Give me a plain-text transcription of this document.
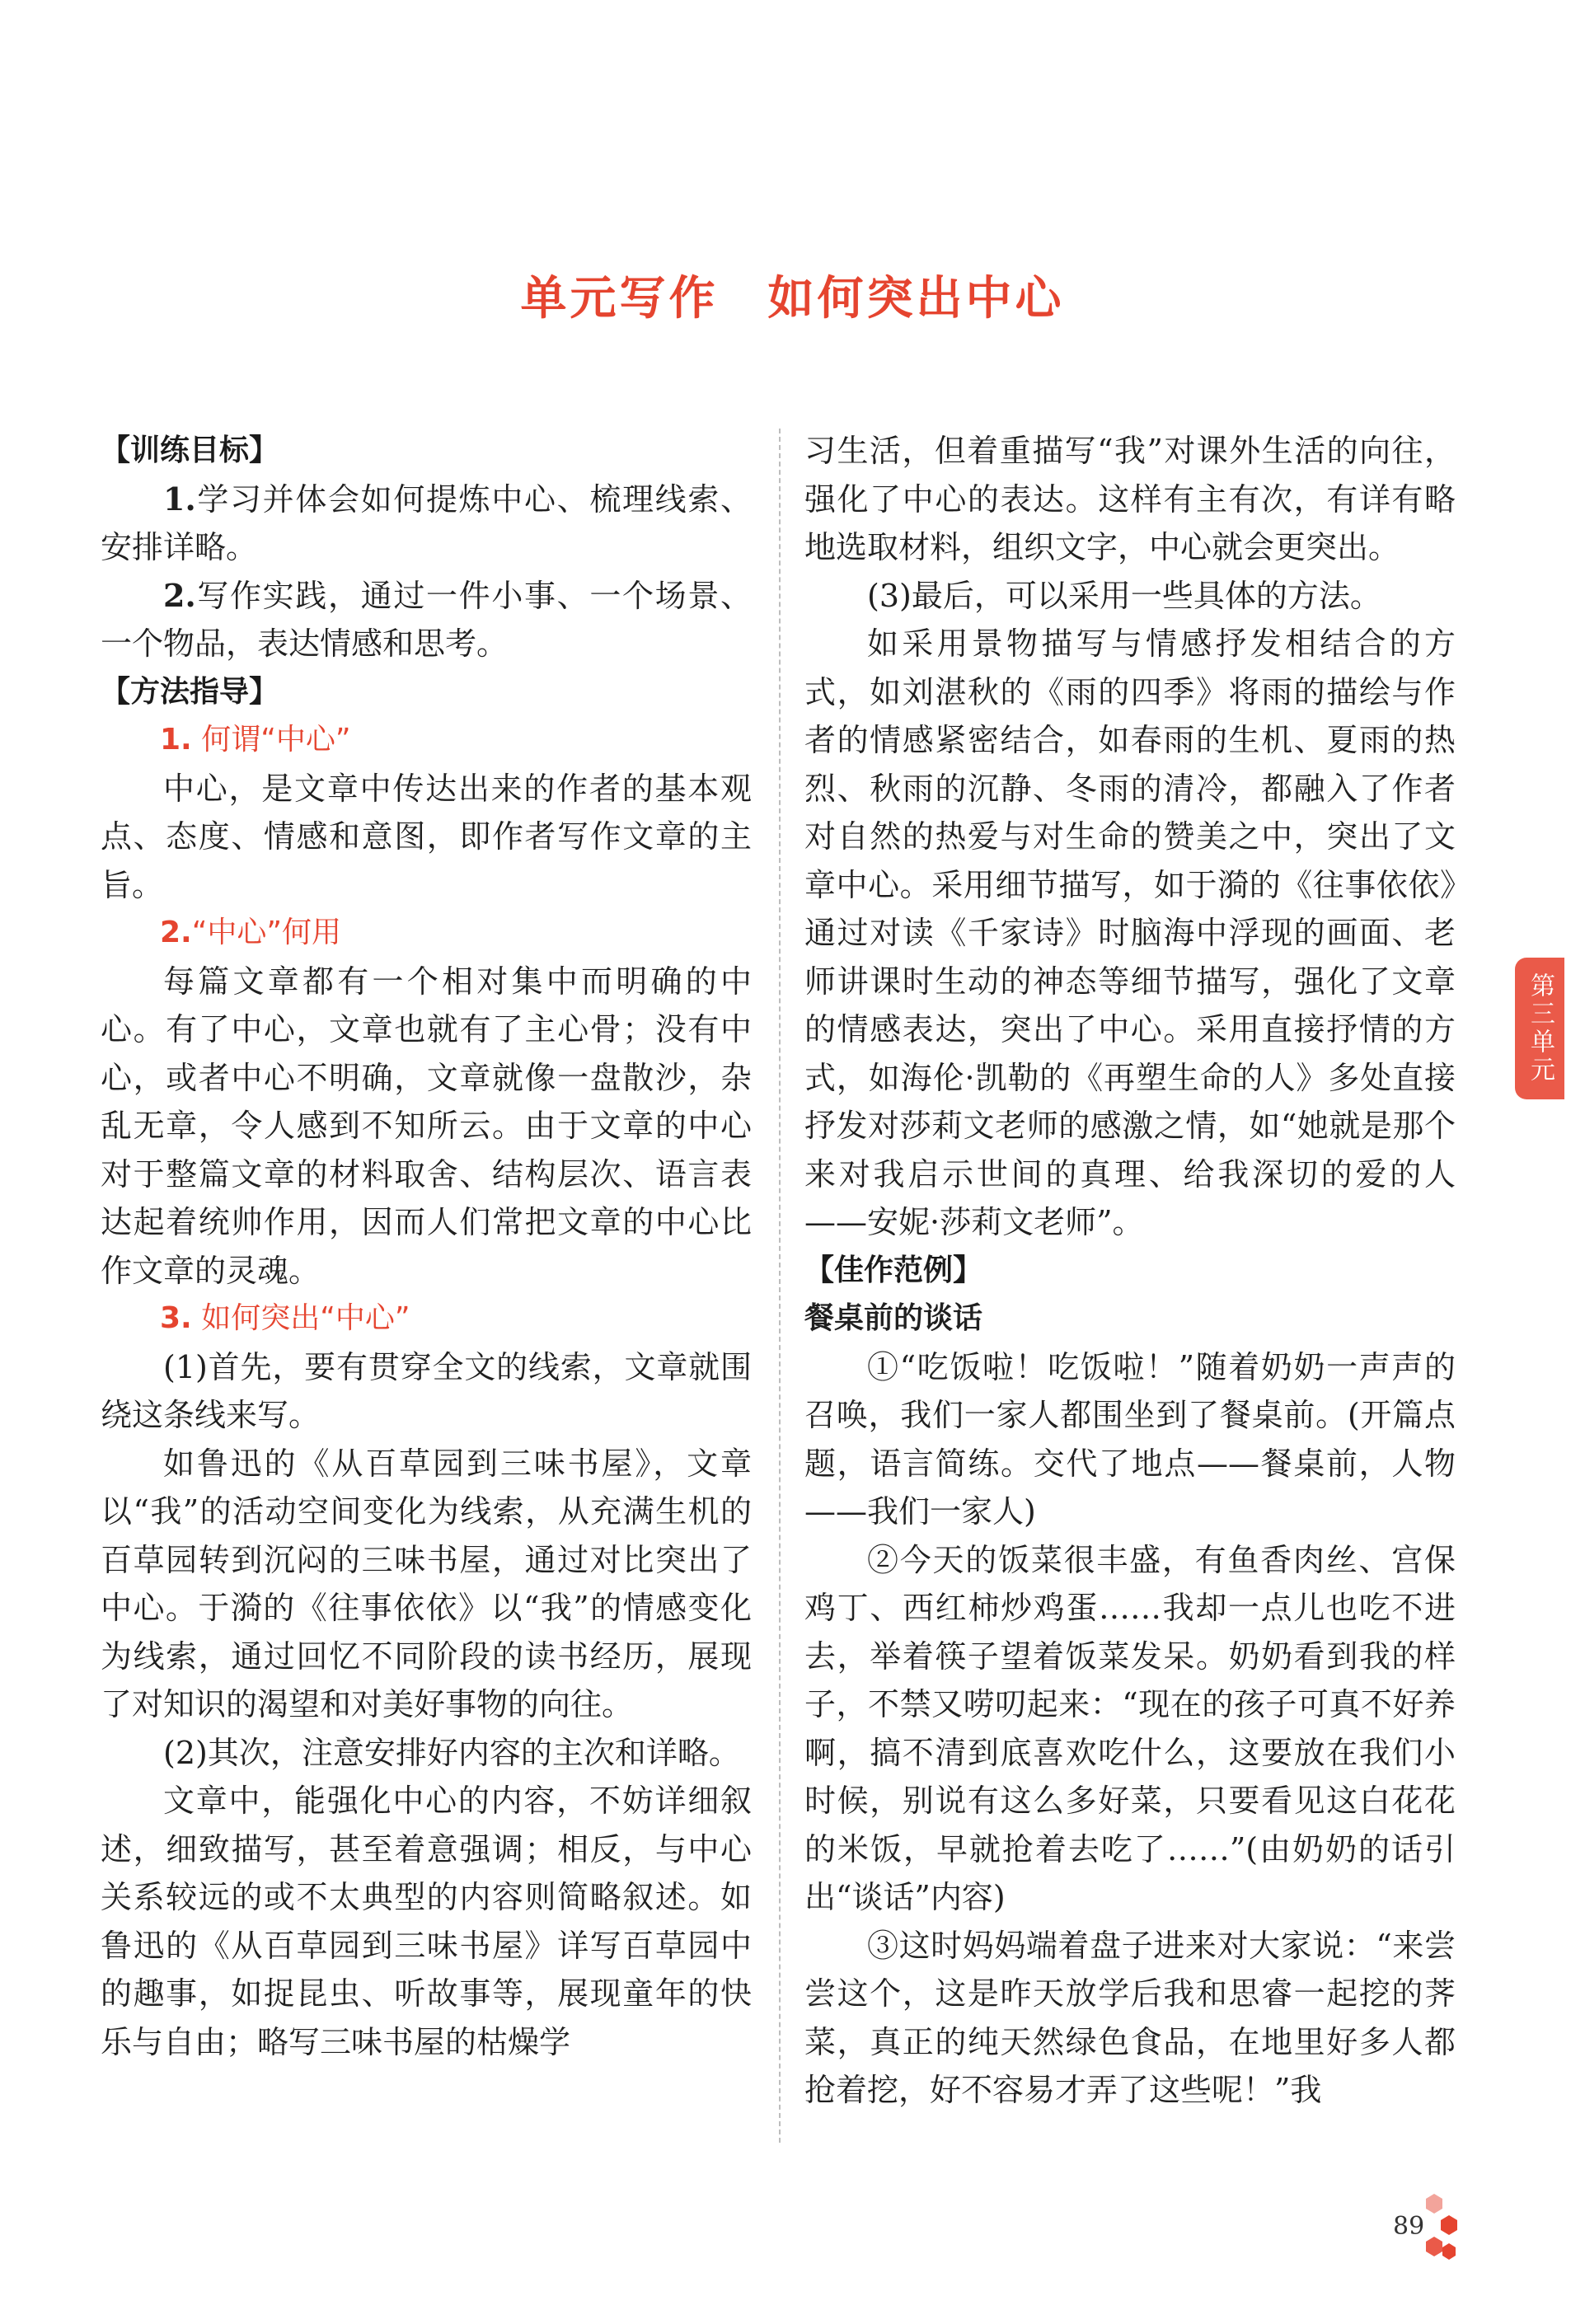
单元写作 如何突出中心

【训练目标】

1.学习并体会如何提炼中心、梳理线索、安排详略。

2.写作实践，通过一件小事、一个场景、一个物品，表达情感和思考。

【方法指导】

1. 何谓“中心”

中心，是文章中传达出来的作者的基本观点、态度、情感和意图，即作者写作文章的主旨。

2.“中心”何用

每篇文章都有一个相对集中而明确的中心。有了中心，文章也就有了主心骨；没有中心，或者中心不明确，文章就像一盘散沙，杂乱无章，令人感到不知所云。由于文章的中心对于整篇文章的材料取舍、结构层次、语言表达起着统帅作用，因而人们常把文章的中心比作文章的灵魂。

3. 如何突出“中心”

(1)首先，要有贯穿全文的线索，文章就围绕这条线来写。

如鲁迅的《从百草园到三味书屋》，文章以“我”的活动空间变化为线索，从充满生机的百草园转到沉闷的三味书屋，通过对比突出了中心。于漪的《往事依依》以“我”的情感变化为线索，通过回忆不同阶段的读书经历，展现了对知识的渴望和对美好事物的向往。

(2)其次，注意安排好内容的主次和详略。

文章中，能强化中心的内容，不妨详细叙述，细致描写，甚至着意强调；相反，与中心关系较远的或不太典型的内容则简略叙述。如鲁迅的《从百草园到三味书屋》详写百草园中的趣事，如捉昆虫、听故事等，展现童年的快乐与自由；略写三味书屋的枯燥学

习生活，但着重描写“我”对课外生活的向往，强化了中心的表达。这样有主有次，有详有略地选取材料，组织文字，中心就会更突出。

(3)最后，可以采用一些具体的方法。

如采用景物描写与情感抒发相结合的方式，如刘湛秋的《雨的四季》将雨的描绘与作者的情感紧密结合，如春雨的生机、夏雨的热烈、秋雨的沉静、冬雨的清冷，都融入了作者对自然的热爱与对生命的赞美之中，突出了文章中心。采用细节描写，如于漪的《往事依依》通过对读《千家诗》时脑海中浮现的画面、老师讲课时生动的神态等细节描写，强化了文章的情感表达，突出了中心。采用直接抒情的方式，如海伦·凯勒的《再塑生命的人》多处直接抒发对莎莉文老师的感激之情，如“她就是那个来对我启示世间的真理、给我深切的爱的人——安妮·莎莉文老师”。

【佳作范例】

餐桌前的谈话

①“吃饭啦！吃饭啦！”随着奶奶一声声的召唤，我们一家人都围坐到了餐桌前。(开篇点题，语言简练。交代了地点——餐桌前，人物——我们一家人)

②今天的饭菜很丰盛，有鱼香肉丝、宫保鸡丁、西红柿炒鸡蛋……我却一点儿也吃不进去，举着筷子望着饭菜发呆。奶奶看到我的样子，不禁又唠叨起来：“现在的孩子可真不好养啊，搞不清到底喜欢吃什么，这要放在我们小时候，别说有这么多好菜，只要看见这白花花的米饭，早就抢着去吃了……”(由奶奶的话引出“谈话”内容)

③这时妈妈端着盘子进来对大家说：“来尝尝这个，这是昨天放学后我和思睿一起挖的荠菜，真正的纯天然绿色食品，在地里好多人都抢着挖，好不容易才弄了这些呢！”我

第三单元
89
